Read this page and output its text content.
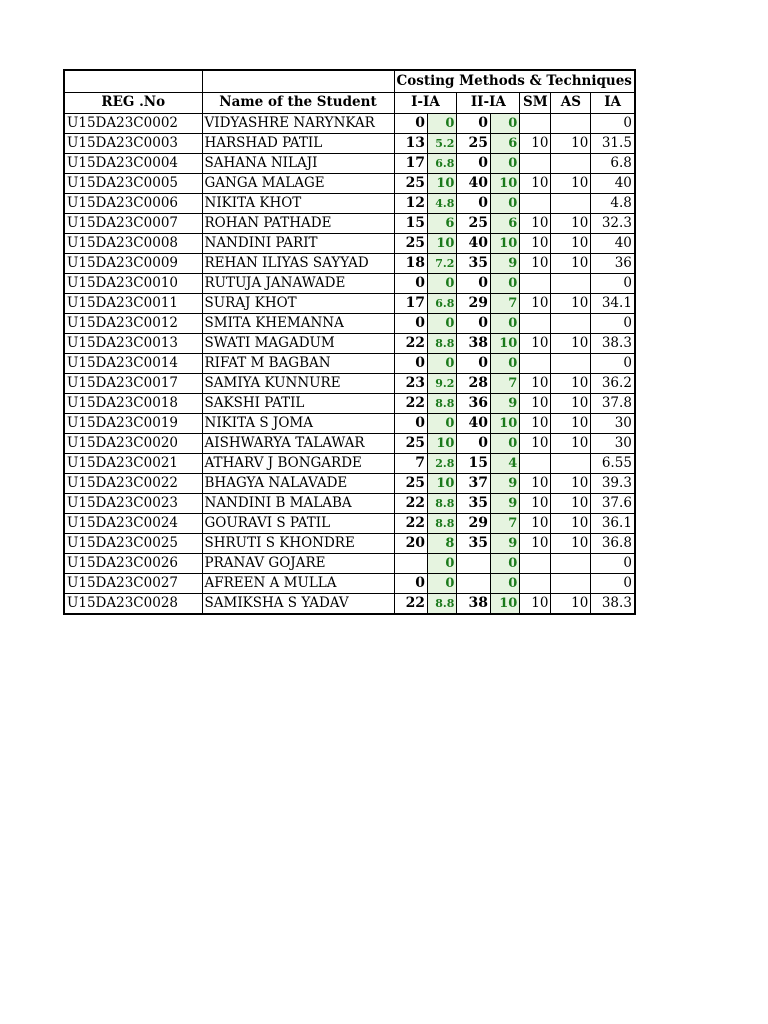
		Costing Methods & Techniques						
REG .No	Name of the Student	I-IA		II-IA		SM	AS	IA
U15DA23C0002	VIDYASHRE NARYNKAR	0	0	0	0			0
U15DA23C0003	HARSHAD PATIL	13	5.2	25	6	10	10	31.5
U15DA23C0004	SAHANA NILAJI	17	6.8	0	0			6.8
U15DA23C0005	GANGA MALAGE	25	10	40	10	10	10	40
U15DA23C0006	NIKITA KHOT	12	4.8	0	0			4.8
U15DA23C0007	ROHAN PATHADE	15	6	25	6	10	10	32.3
U15DA23C0008	NANDINI PARIT	25	10	40	10	10	10	40
U15DA23C0009	REHAN ILIYAS SAYYAD	18	7.2	35	9	10	10	36
U15DA23C0010	RUTUJA JANAWADE	0	0	0	0			0
U15DA23C0011	SURAJ KHOT	17	6.8	29	7	10	10	34.1
U15DA23C0012	SMITA KHEMANNA	0	0	0	0			0
U15DA23C0013	SWATI MAGADUM	22	8.8	38	10	10	10	38.3
U15DA23C0014	RIFAT M BAGBAN	0	0	0	0			0
U15DA23C0017	SAMIYA KUNNURE	23	9.2	28	7	10	10	36.2
U15DA23C0018	SAKSHI PATIL	22	8.8	36	9	10	10	37.8
U15DA23C0019	NIKITA S JOMA	0	0	40	10	10	10	30
U15DA23C0020	AISHWARYA TALAWAR	25	10	0	0	10	10	30
U15DA23C0021	ATHARV J BONGARDE	7	2.8	15	4			6.55
U15DA23C0022	BHAGYA NALAVADE	25	10	37	9	10	10	39.3
U15DA23C0023	NANDINI B MALABA	22	8.8	35	9	10	10	37.6
U15DA23C0024	GOURAVI S PATIL	22	8.8	29	7	10	10	36.1
U15DA23C0025	SHRUTI S KHONDRE	20	8	35	9	10	10	36.8
U15DA23C0026	PRANAV GOJARE		0		0			0
U15DA23C0027	AFREEN A MULLA	0	0		0			0
U15DA23C0028	SAMIKSHA S YADAV	22	8.8	38	10	10	10	38.3
